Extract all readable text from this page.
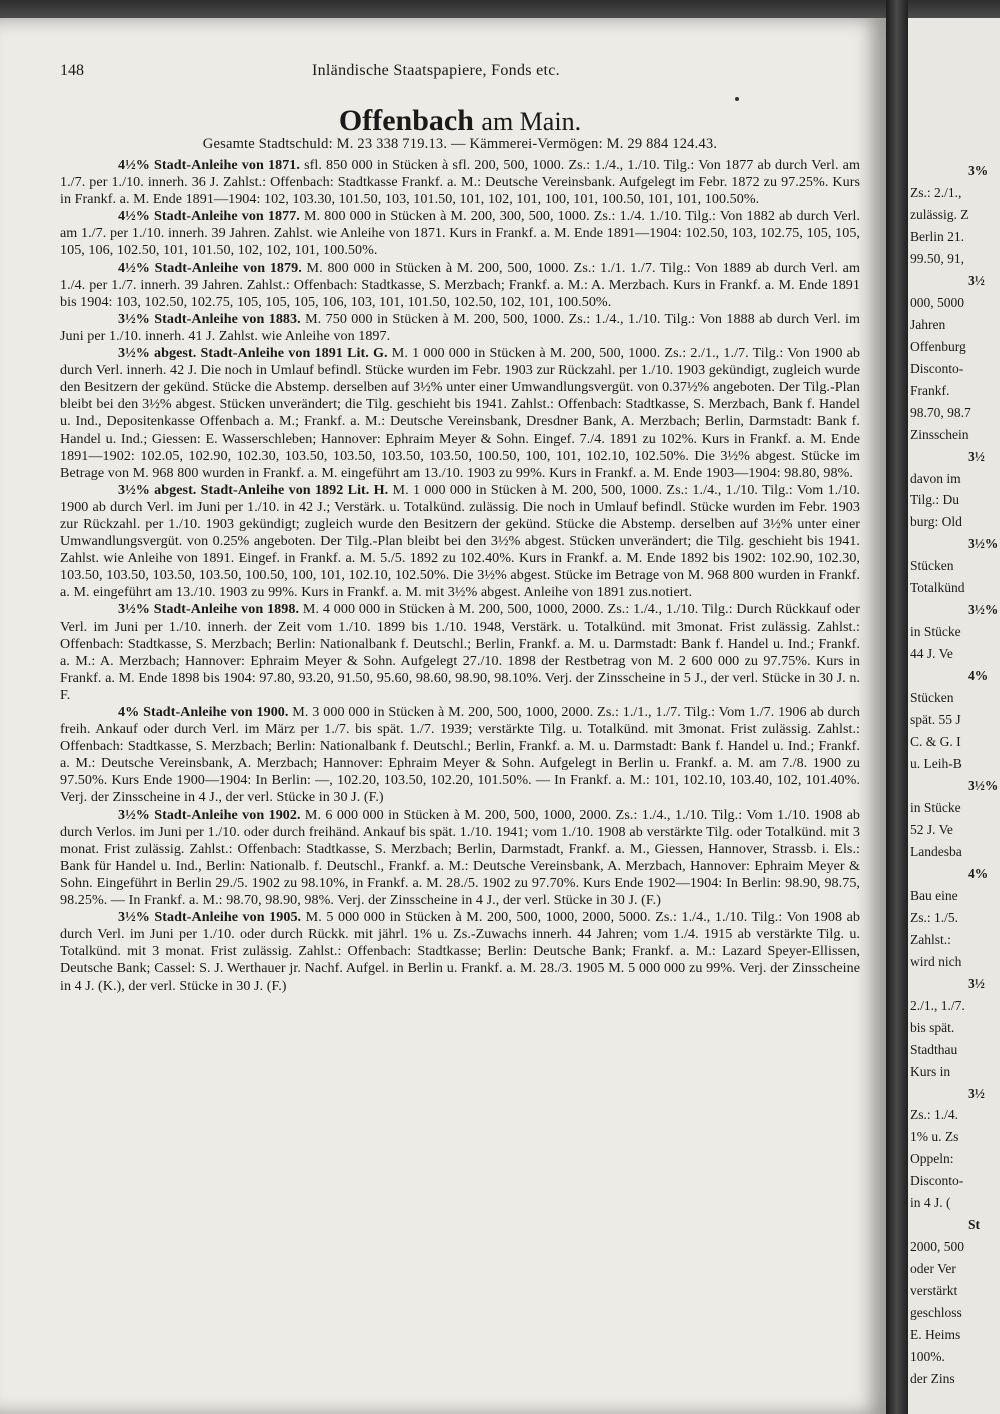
3%
Zs.: 2./1.,
zulässig. Z
Berlin 21.
99.50, 91,
3½
000, 5000
Jahren
Offenburg
Disconto-
Frankf.
98.70, 98.7
Zinsschein
3½
davon im
Tilg.: Du
burg: Old
3½%
Stücken
Totalkünd
3½%
in Stücke
44 J. Ve
4%
Stücken
spät. 55 J
C. & G. I
u. Leih-B
3½%
in Stücke
52 J. Ve
Landesba
4%
Bau eine
Zs.: 1./5.
Zahlst.:
wird nich
3½
2./1., 1./7.
bis spät.
Stadthau
Kurs in
3½
Zs.: 1./4.
1% u. Zs
Oppeln:
Disconto-
in 4 J. (
St
2000, 500
oder Ver
verstärkt
geschloss
E. Heims
100%.
der Zins
148	Inländische Staatspapiere, Fonds etc.
Offenbach am Main.
Gesamte Stadtschuld: M. 23 338 719.13. — Kämmerei-Vermögen: M. 29 884 124.43.

4½% Stadt-Anleihe von 1871. sfl. 850 000 in Stücken à sfl. 200, 500, 1000. Zs.: 1./4., 1./10. Tilg.: Von 1877 ab durch Verl. am 1./7. per 1./10. innerh. 36 J. Zahlst.: Offenbach: Stadtkasse Frankf. a. M.: Deutsche Vereinsbank. Aufgelegt im Febr. 1872 zu 97.25%. Kurs in Frankf. a. M. Ende 1891—1904: 102, 103.30, 101.50, 103, 101.50, 101, 102, 101, 100, 101, 100.50, 101, 101, 100.50%.

4½% Stadt-Anleihe von 1877. M. 800 000 in Stücken à M. 200, 300, 500, 1000. Zs.: 1./4. 1./10. Tilg.: Von 1882 ab durch Verl. am 1./7. per 1./10. innerh. 39 Jahren. Zahlst. wie Anleihe von 1871. Kurs in Frankf. a. M. Ende 1891—1904: 102.50, 103, 102.75, 105, 105, 105, 106, 102.50, 101, 101.50, 102, 102, 101, 100.50%.

4½% Stadt-Anleihe von 1879. M. 800 000 in Stücken à M. 200, 500, 1000. Zs.: 1./1. 1./7. Tilg.: Von 1889 ab durch Verl. am 1./4. per 1./7. innerh. 39 Jahren. Zahlst.: Offenbach: Stadtkasse, S. Merzbach; Frankf. a. M.: A. Merzbach. Kurs in Frankf. a. M. Ende 1891 bis 1904: 103, 102.50, 102.75, 105, 105, 105, 106, 103, 101, 101.50, 102.50, 102, 101, 100.50%.

3½% Stadt-Anleihe von 1883. M. 750 000 in Stücken à M. 200, 500, 1000. Zs.: 1./4., 1./10. Tilg.: Von 1888 ab durch Verl. im Juni per 1./10. innerh. 41 J. Zahlst. wie Anleihe von 1897.

3½% abgest. Stadt-Anleihe von 1891 Lit. G. M. 1 000 000 in Stücken à M. 200, 500, 1000. Zs.: 2./1., 1./7. Tilg.: Von 1900 ab durch Verl. innerh. 42 J. Die noch in Umlauf befindl. Stücke wurden im Febr. 1903 zur Rückzahl. per 1./10. 1903 gekündigt, zugleich wurde den Besitzern der gekünd. Stücke die Abstemp. derselben auf 3½% unter einer Umwandlungsvergüt. von 0.37½% angeboten. Der Tilg.-Plan bleibt bei den 3½% abgest. Stücken unverändert; die Tilg. geschieht bis 1941. Zahlst.: Offenbach: Stadtkasse, S. Merzbach, Bank f. Handel u. Ind., Depositenkasse Offenbach a. M.; Frankf. a. M.: Deutsche Vereinsbank, Dresdner Bank, A. Merzbach; Berlin, Darmstadt: Bank f. Handel u. Ind.; Giessen: E. Wasserschleben; Hannover: Ephraim Meyer & Sohn. Eingef. 7./4. 1891 zu 102%. Kurs in Frankf. a. M. Ende 1891—1902: 102.05, 102.90, 102.30, 103.50, 103.50, 103.50, 103.50, 100.50, 100, 101, 102.10, 102.50%. Die 3½% abgest. Stücke im Betrage von M. 968 800 wurden in Frankf. a. M. eingeführt am 13./10. 1903 zu 99%. Kurs in Frankf. a. M. Ende 1903—1904: 98.80, 98%.

3½% abgest. Stadt-Anleihe von 1892 Lit. H. M. 1 000 000 in Stücken à M. 200, 500, 1000. Zs.: 1./4., 1./10. Tilg.: Vom 1./10. 1900 ab durch Verl. im Juni per 1./10. in 42 J.; Verstärk. u. Totalkünd. zulässig. Die noch in Umlauf befindl. Stücke wurden im Febr. 1903 zur Rückzahl. per 1./10. 1903 gekündigt; zugleich wurde den Besitzern der gekünd. Stücke die Abstemp. derselben auf 3½% unter einer Umwandlungsvergüt. von 0.25% angeboten. Der Tilg.-Plan bleibt bei den 3½% abgest. Stücken unverändert; die Tilg. geschieht bis 1941. Zahlst. wie Anleihe von 1891. Eingef. in Frankf. a. M. 5./5. 1892 zu 102.40%. Kurs in Frankf. a. M. Ende 1892 bis 1902: 102.90, 102.30, 103.50, 103.50, 103.50, 103.50, 100.50, 100, 101, 102.10, 102.50%. Die 3½% abgest. Stücke im Betrage von M. 968 800 wurden in Frankf. a. M. eingeführt am 13./10. 1903 zu 99%. Kurs in Frankf. a. M. mit 3½% abgest. Anleihe von 1891 zus.notiert.

3½% Stadt-Anleihe von 1898. M. 4 000 000 in Stücken à M. 200, 500, 1000, 2000. Zs.: 1./4., 1./10. Tilg.: Durch Rückkauf oder Verl. im Juni per 1./10. innerh. der Zeit vom 1./10. 1899 bis 1./10. 1948, Verstärk. u. Totalkünd. mit 3monat. Frist zulässig. Zahlst.: Offenbach: Stadtkasse, S. Merzbach; Berlin: Nationalbank f. Deutschl.; Berlin, Frankf. a. M. u. Darmstadt: Bank f. Handel u. Ind.; Frankf. a. M.: A. Merzbach; Hannover: Ephraim Meyer & Sohn. Aufgelegt 27./10. 1898 der Restbetrag von M. 2 600 000 zu 97.75%. Kurs in Frankf. a. M. Ende 1898 bis 1904: 97.80, 93.20, 91.50, 95.60, 98.60, 98.90, 98.10%. Verj. der Zinsscheine in 5 J., der verl. Stücke in 30 J. n. F.

4% Stadt-Anleihe von 1900. M. 3 000 000 in Stücken à M. 200, 500, 1000, 2000. Zs.: 1./1., 1./7. Tilg.: Vom 1./7. 1906 ab durch freih. Ankauf oder durch Verl. im März per 1./7. bis spät. 1./7. 1939; verstärkte Tilg. u. Totalkünd. mit 3monat. Frist zulässig. Zahlst.: Offenbach: Stadtkasse, S. Merzbach; Berlin: Nationalbank f. Deutschl.; Berlin, Frankf. a. M. u. Darmstadt: Bank f. Handel u. Ind.; Frankf. a. M.: Deutsche Vereinsbank, A. Merzbach; Hannover: Ephraim Meyer & Sohn. Aufgelegt in Berlin u. Frankf. a. M. am 7./8. 1900 zu 97.50%. Kurs Ende 1900—1904: In Berlin: —, 102.20, 103.50, 102.20, 101.50%. — In Frankf. a. M.: 101, 102.10, 103.40, 102, 101.40%. Verj. der Zinsscheine in 4 J., der verl. Stücke in 30 J. (F.)

3½% Stadt-Anleihe von 1902. M. 6 000 000 in Stücken à M. 200, 500, 1000, 2000. Zs.: 1./4., 1./10. Tilg.: Vom 1./10. 1908 ab durch Verlos. im Juni per 1./10. oder durch freihänd. Ankauf bis spät. 1./10. 1941; vom 1./10. 1908 ab verstärkte Tilg. oder Totalkünd. mit 3 monat. Frist zulässig. Zahlst.: Offenbach: Stadtkasse, S. Merzbach; Berlin, Darmstadt, Frankf. a. M., Giessen, Hannover, Strassb. i. Els.: Bank für Handel u. Ind., Berlin: Nationalb. f. Deutschl., Frankf. a. M.: Deutsche Vereinsbank, A. Merzbach, Hannover: Ephraim Meyer & Sohn. Eingeführt in Berlin 29./5. 1902 zu 98.10%, in Frankf. a. M. 28./5. 1902 zu 97.70%. Kurs Ende 1902—1904: In Berlin: 98.90, 98.75, 98.25%. — In Frankf. a. M.: 98.70, 98.90, 98%. Verj. der Zinsscheine in 4 J., der verl. Stücke in 30 J. (F.)

3½% Stadt-Anleihe von 1905. M. 5 000 000 in Stücken à M. 200, 500, 1000, 2000, 5000. Zs.: 1./4., 1./10. Tilg.: Von 1908 ab durch Verl. im Juni per 1./10. oder durch Rückk. mit jährl. 1% u. Zs.-Zuwachs innerh. 44 Jahren; vom 1./4. 1915 ab verstärkte Tilg. u. Totalkünd. mit 3 monat. Frist zulässig. Zahlst.: Offenbach: Stadtkasse; Berlin: Deutsche Bank; Frankf. a. M.: Lazard Speyer-Ellissen, Deutsche Bank; Cassel: S. J. Werthauer jr. Nachf. Aufgel. in Berlin u. Frankf. a. M. 28./3. 1905 M. 5 000 000 zu 99%. Verj. der Zinsscheine in 4 J. (K.), der verl. Stücke in 30 J. (F.)
